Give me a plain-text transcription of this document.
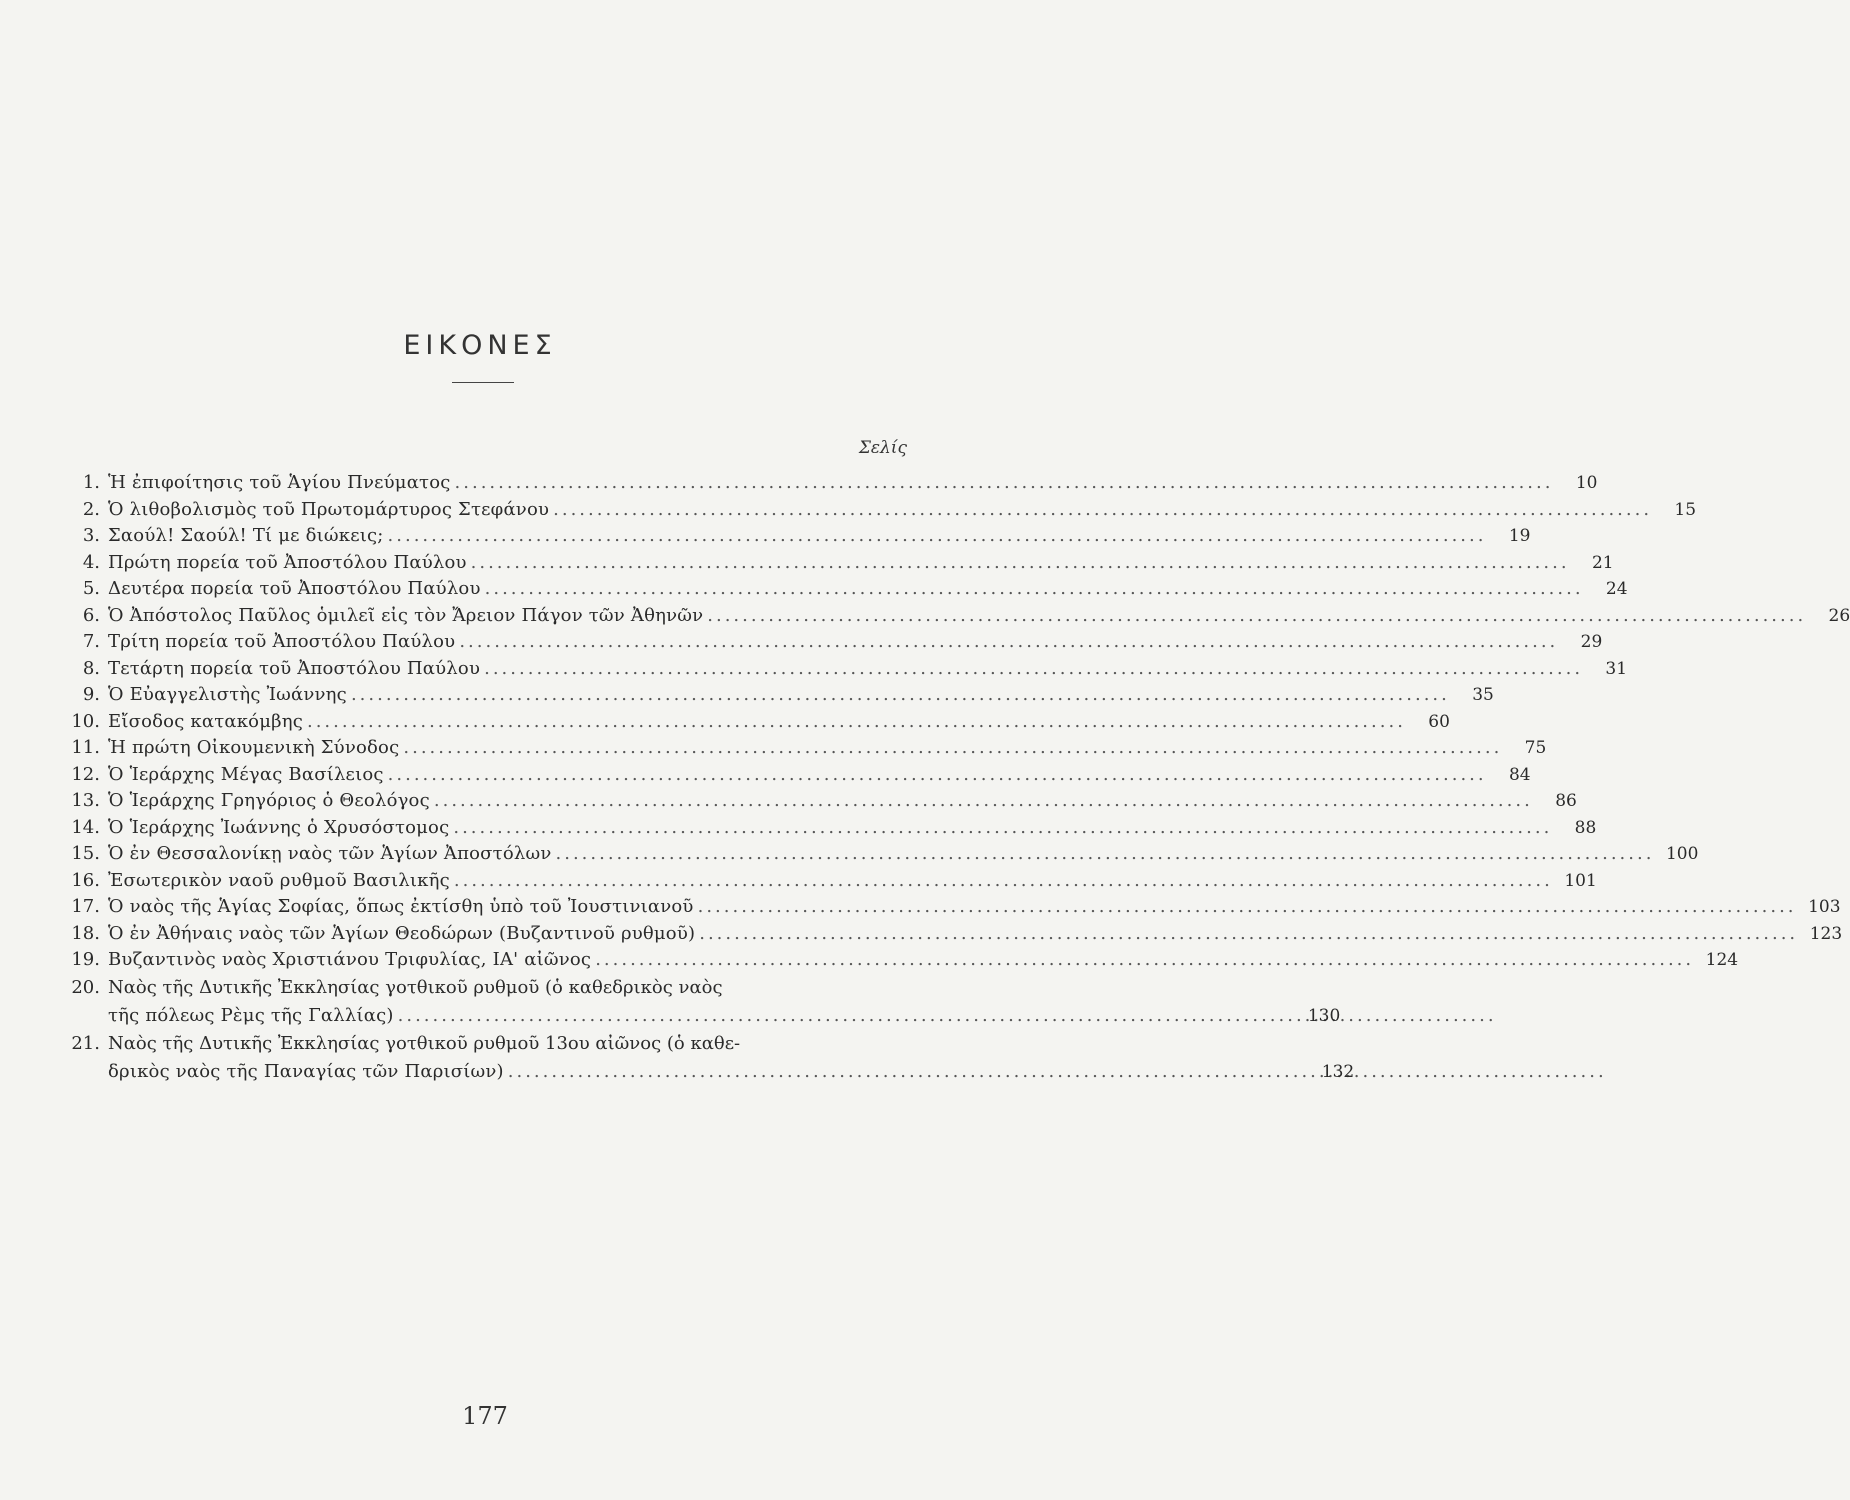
ΕΙΚΟΝΕΣ
Σελίς
1. Ἡ ἐπιφοίτησις τοῦ Ἁγίου Πνεύματος .....	10
2. Ὁ λιθοβολισμὸς τοῦ Πρωτομάρτυρος Στεφάνου .....	15
3. Σαούλ! Σαούλ! Τί με διώκεις; .....	19
4. Πρώτη πορεία τοῦ Ἀποστόλου Παύλου .....	21
5. Δευτέρα πορεία τοῦ Ἀποστόλου Παύλου .....	24
6. Ὁ Ἀπόστολος Παῦλος ὁμιλεῖ εἰς τὸν Ἄρειον Πάγον τῶν Ἀθηνῶν .....	26
7. Τρίτη πορεία τοῦ Ἀποστόλου Παύλου .....	29
8. Τετάρτη πορεία τοῦ Ἀποστόλου Παύλου .....	31
9. Ὁ Εὐαγγελιστὴς Ἰωάννης .....	35
10. Εἴσοδος κατακόμβης .....	60
11. Ἡ πρώτη Οἰκουμενικὴ Σύνοδος .....	75
12. Ὁ Ἱεράρχης Μέγας Βασίλειος .....	84
13. Ὁ Ἱεράρχης Γρηγόριος ὁ Θεολόγος .....	86
14. Ὁ Ἱεράρχης Ἰωάννης ὁ Χρυσόστομος .....	88
15. Ὁ ἐν Θεσσαλονίκῃ ναὸς τῶν Ἁγίων Ἀποστόλων .....	100
16. Ἐσωτερικὸν ναοῦ ρυθμοῦ Βασιλικῆς .....	101
17. Ὁ ναὸς τῆς Ἁγίας Σοφίας, ὅπως ἐκτίσθη ὑπὸ τοῦ Ἰουστινιανοῦ .....	103
18. Ὁ ἐν Ἀθήναις ναὸς τῶν Ἁγίων Θεοδώρων (Βυζαντινοῦ ρυθμοῦ) .....	123
19. Βυζαντινὸς ναὸς Χριστιάνου Τριφυλίας, ΙΑ' αἰῶνος .....	124
20. Ναὸς τῆς Δυτικῆς Ἐκκλησίας γοτθικοῦ ρυθμοῦ (ὁ καθεδρικὸς ναὸς
τῆς πόλεως Ρὲμς τῆς Γαλλίας) .....	130
21. Ναὸς τῆς Δυτικῆς Ἐκκλησίας γοτθικοῦ ρυθμοῦ 13ου αἰῶνος (ὁ καθε-
δρικὸς ναὸς τῆς Παναγίας τῶν Παρισίων) .....	132
177
